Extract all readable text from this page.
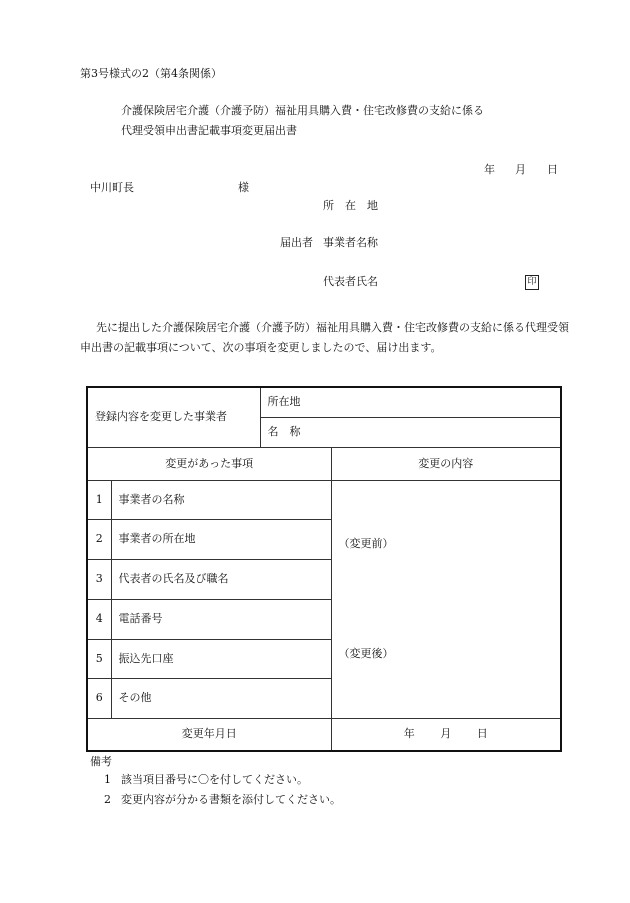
第3号様式の2（第4条関係）
介護保険居宅介護（介護予防）福祉用具購入費・住宅改修費の支給に係る
代理受領申出書記載事項変更届出書
年 月 日
中川町長	様
所　在　地
届出者 事業者名称
代表者氏名	印
先に提出した介護保険居宅介護（介護予防）福祉用具購入費・住宅改修費の支給に係る代理受領
申出書の記載事項について、次の事項を変更しましたので、届け出ます。
登録内容を変更した事業者		所在地	
		名　称	
変更があった事項			変更の内容
1	事業者の名称		（変更前）
（変更後）

2	事業者の所在地		
3	代表者の氏名及び職名		
4	電話番号		
5	振込先口座		
6	その他		
変更年月日			年 月 日
備考
1 該当項目番号に〇を付してください。
2 変更内容が分かる書類を添付してください。
